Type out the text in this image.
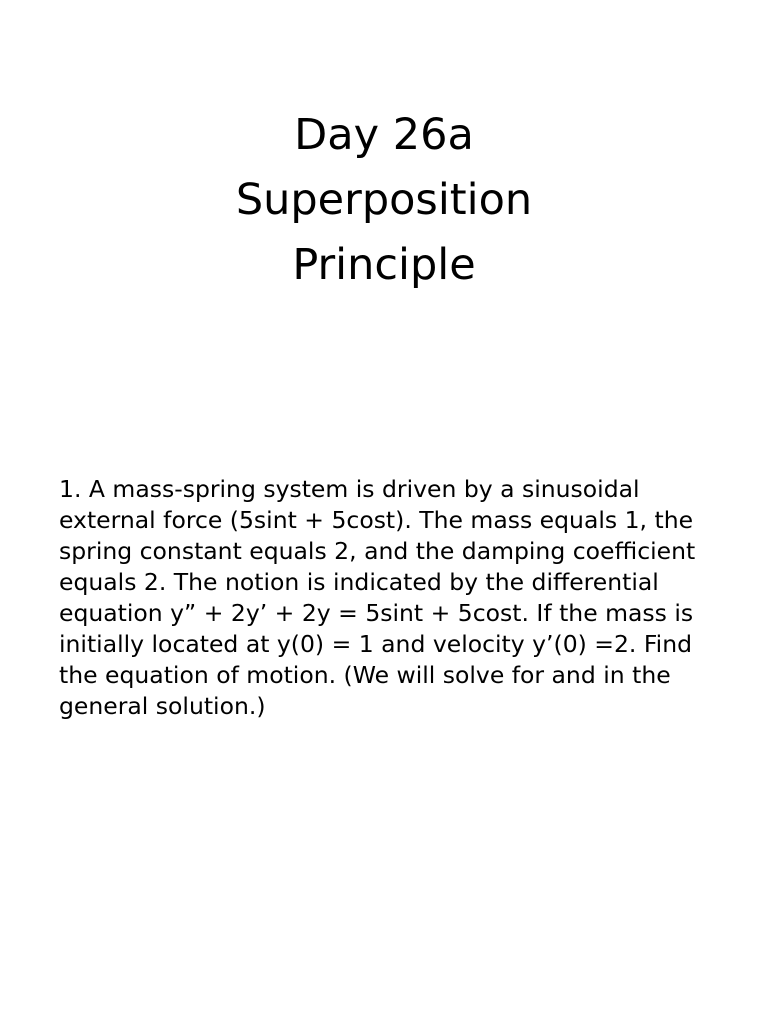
Day 26a
Superposition
Principle
1. A mass-spring system is driven by a sinusoidal
external force (5sint + 5cost). The mass equals 1, the
spring constant equals 2, and the damping coefficient
equals 2. The notion is indicated by the differential
equation y” + 2y’ + 2y = 5sint + 5cost. If the mass is
initially located at y(0) = 1 and velocity y’(0) =2. Find
the equation of motion. (We will solve for and in the
general solution.)
